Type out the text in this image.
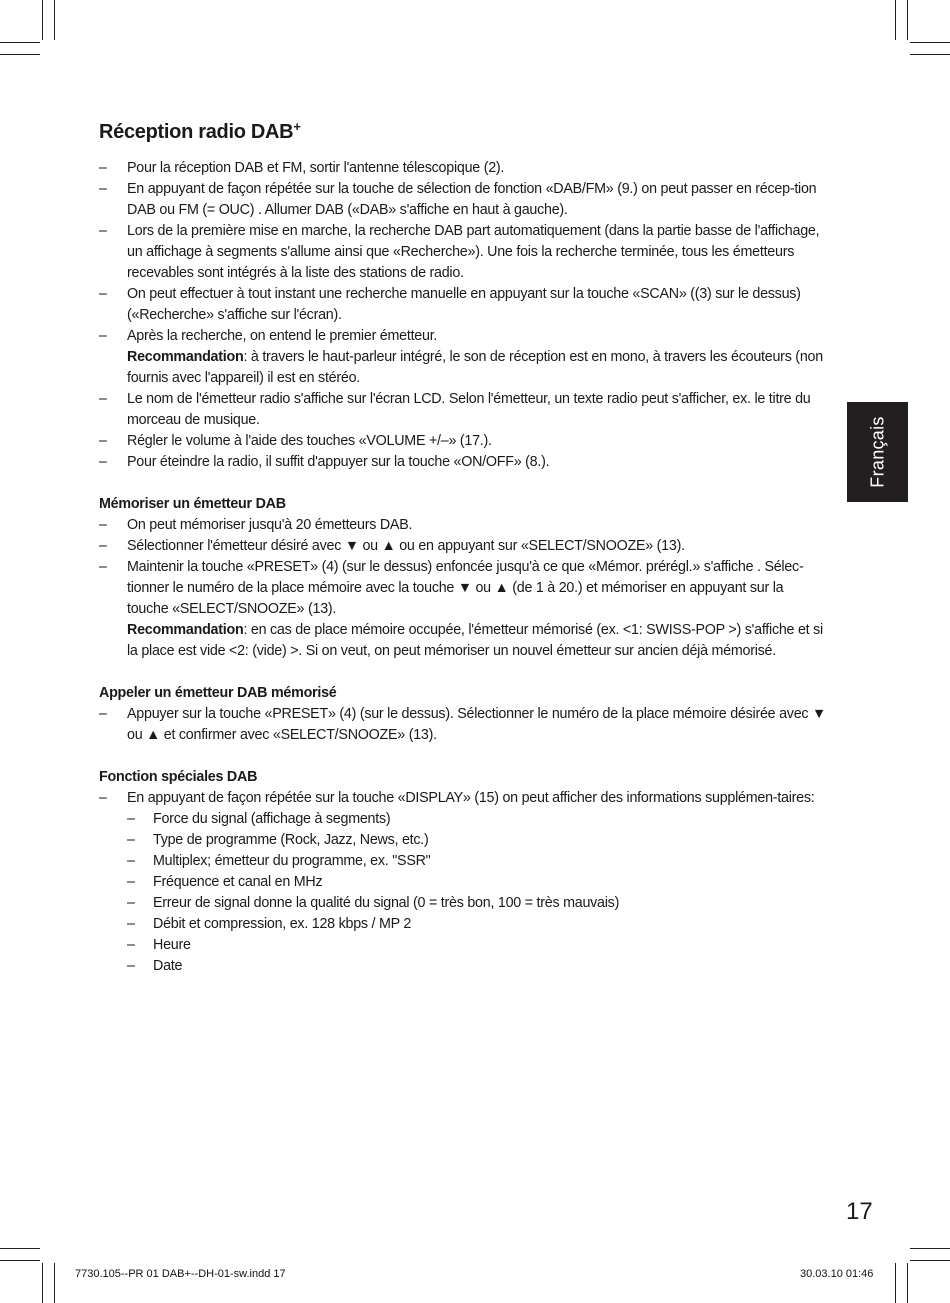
Réception radio DAB+
– Pour la réception DAB et FM, sortir l'antenne télescopique (2).
– En appuyant de façon répétée sur la touche de sélection de fonction «DAB/FM» (9.) on peut passer en récep-tion DAB ou FM (= OUC) . Allumer DAB («DAB» s'affiche en haut à gauche).
– Lors de la première mise en marche, la recherche DAB part automatiquement (dans la partie basse de l'affichage, un affichage à segments s'allume ainsi que «Recherche»). Une fois la recherche terminée, tous les émetteurs recevables sont intégrés à la liste des stations de radio.
– On peut effectuer à tout instant une recherche manuelle en appuyant sur la touche «SCAN» ((3) sur le dessus) («Recherche» s'affiche sur l'écran).
– Après la recherche, on entend le premier émetteur.
Recommandation: à travers le haut-parleur intégré, le son de réception est en mono, à travers les écouteurs (non fournis avec l'appareil) il est en stéréo.
– Le nom de l'émetteur radio s'affiche sur l'écran LCD. Selon l'émetteur, un texte radio peut s'afficher, ex. le titre du morceau de musique.
– Régler le volume à l'aide des touches «VOLUME +/–» (17.).
– Pour éteindre la radio, il suffit d'appuyer sur la touche «ON/OFF» (8.).
Mémoriser un émetteur DAB
– On peut mémoriser jusqu'à 20 émetteurs DAB.
– Sélectionner l'émetteur désiré avec ▼ ou ▲ ou en appuyant sur «SELECT/SNOOZE» (13).
– Maintenir la touche «PRESET» (4) (sur le dessus) enfoncée jusqu'à ce que «Mémor. prérégl.» s'affiche . Sélec-tionner le numéro de la place mémoire avec la touche ▼ ou ▲ (de 1 à 20.) et mémoriser en appuyant sur la touche «SELECT/SNOOZE» (13).
Recommandation: en cas de place mémoire occupée, l'émetteur mémorisé (ex. <1: SWISS-POP >) s'affiche et si la place est vide <2: (vide) >. Si on veut, on peut mémoriser un nouvel émetteur sur ancien déjà mémorisé.
Appeler un émetteur DAB mémorisé
– Appuyer sur la touche «PRESET» (4) (sur le dessus). Sélectionner le numéro de la place mémoire désirée avec ▼ ou ▲ et confirmer avec «SELECT/SNOOZE» (13).
Fonction spéciales DAB
– En appuyant de façon répétée sur la touche «DISPLAY» (15) on peut afficher des informations supplémen-taires:
– Force du signal (affichage à segments)
– Type de programme (Rock, Jazz, News, etc.)
– Multiplex; émetteur du programme, ex. "SSR"
– Fréquence et canal en MHz
– Erreur de signal donne la qualité du signal (0 = très bon, 100 = très mauvais)
– Débit et compression, ex. 128 kbps / MP 2
– Heure
– Date
Français
17
7730.105--PR 01 DAB+--DH-01-sw.indd 17	30.03.10 01:46
